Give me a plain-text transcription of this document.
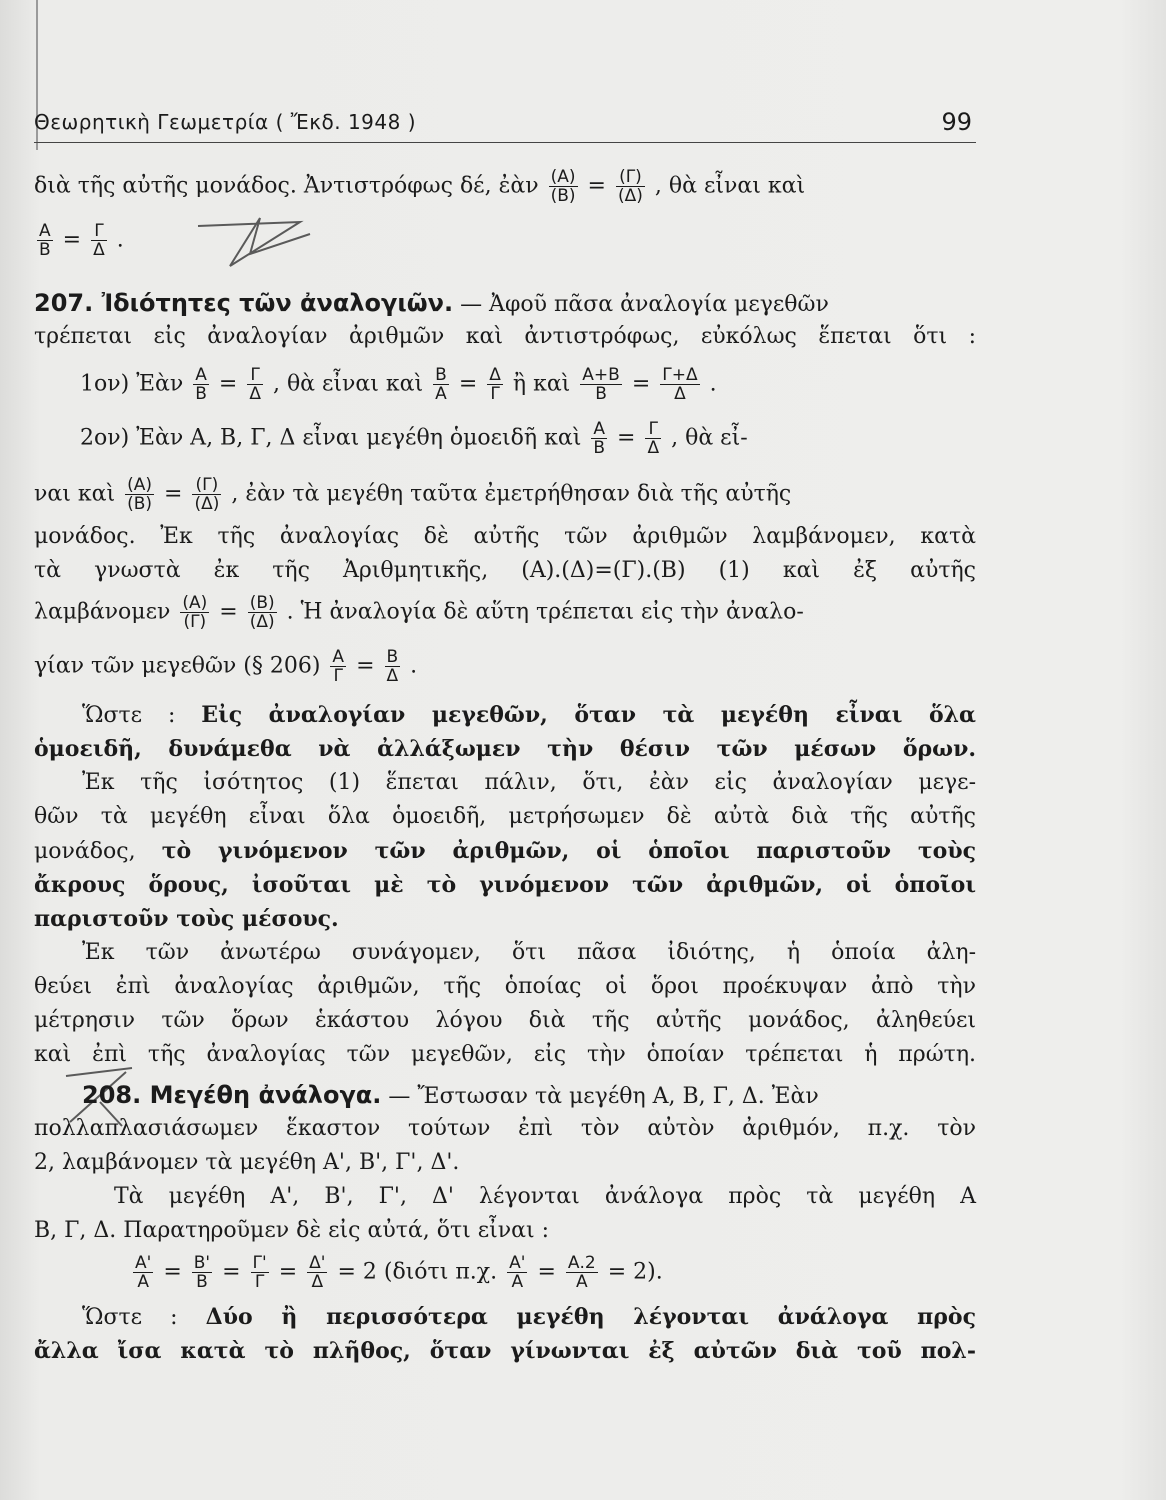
Θεωρητικὴ Γεωμετρία ( Ἔκδ. 1948 )	99
διὰ τῆς αὐτῆς μονάδος. Ἀντιστρόφως δέ, ἐὰν $\frac{(A)}{(B)} = \frac{(\Gamma)}{(\Delta)}$ , θὰ εἶναι καὶ
$\frac{A}{B} = \frac{\Gamma}{\Delta}$ .
207. Ἰδιότητες τῶν ἀναλογιῶν. — Ἀφοῦ πᾶσα ἀναλογία μεγεθῶν
τρέπεται εἰς ἀναλογίαν ἀριθμῶν καὶ ἀντιστρόφως, εὐκόλως ἕπεται ὅτι :
1ον) Ἐὰν $\frac{A}{B} = \frac{\Gamma}{\Delta}$ , θὰ εἶναι καὶ $\frac{B}{A} = \frac{\Delta}{\Gamma}$ ἢ καὶ $\frac{A+B}{B} = \frac{\Gamma+\Delta}{\Delta}$ .
2ον) Ἐὰν Α, Β, Γ, Δ εἶναι μεγέθη ὁμοειδῆ καὶ $\frac{A}{B} = \frac{\Gamma}{\Delta}$ , θὰ εἶ-
ναι καὶ $\frac{(A)}{(B)} = \frac{(\Gamma)}{(\Delta)}$ , ἐὰν τὰ μεγέθη ταῦτα ἐμετρήθησαν διὰ τῆς αὐτῆς
μονάδος. Ἐκ τῆς ἀναλογίας δὲ αὐτῆς τῶν ἀριθμῶν λαμβάνομεν, κατὰ
τὰ γνωστὰ ἐκ τῆς Ἀριθμητικῆς, (Α).(Δ)=(Γ).(Β) (1) καὶ ἐξ αὐτῆς
λαμβάνομεν $\frac{(A)}{(\Gamma)} = \frac{(B)}{(\Delta)}$ . Ἡ ἀναλογία δὲ αὕτη τρέπεται εἰς τὴν ἀναλο-
γίαν τῶν μεγεθῶν (§ $206) \frac{A}{\Gamma} = \frac{B}{\Delta}$ .
Ὥστε : Εἰς ἀναλογίαν μεγεθῶν, ὅταν τὰ μεγέθη εἶναι ὅλα
ὁμοειδῆ, δυνάμεθα νὰ ἀλλάξωμεν τὴν θέσιν τῶν μέσων ὅρων.
Ἐκ τῆς ἰσότητος (1) ἕπεται πάλιν, ὅτι, ἐὰν εἰς ἀναλογίαν μεγε-
θῶν τὰ μεγέθη εἶναι ὅλα ὁμοειδῆ, μετρήσωμεν δὲ αὐτὰ διὰ τῆς αὐτῆς
μονάδος, τὸ γινόμενον τῶν ἀριθμῶν, οἱ ὁποῖοι παριστοῦν τοὺς
ἄκρους ὅρους, ἰσοῦται μὲ τὸ γινόμενον τῶν ἀριθμῶν, οἱ ὁποῖοι
παριστοῦν τοὺς μέσους.
Ἐκ τῶν ἀνωτέρω συνάγομεν, ὅτι πᾶσα ἰδιότης, ἡ ὁποία ἀλη-
θεύει ἐπὶ ἀναλογίας ἀριθμῶν, τῆς ὁποίας οἱ ὅροι προέκυψαν ἀπὸ τὴν
μέτρησιν τῶν ὅρων ἑκάστου λόγου διὰ τῆς αὐτῆς μονάδος, ἀληθεύει
καὶ ἐπὶ τῆς ἀναλογίας τῶν μεγεθῶν, εἰς τὴν ὁποίαν τρέπεται ἡ πρώτη.
208. Μεγέθη ἀνάλογα. — Ἔστωσαν τὰ μεγέθη Α, Β, Γ, Δ. Ἐὰν
πολλαπλασιάσωμεν ἕκαστον τούτων ἐπὶ τὸν αὐτὸν ἀριθμόν, π.χ. τὸν
2, λαμβάνομεν τὰ μεγέθη Α', Β', Γ', Δ'.
Τὰ μεγέθη Α', Β', Γ', Δ' λέγονται ἀνάλογα πρὸς τὰ μεγέθη Α
Β, Γ, Δ. Παρατηροῦμεν δὲ εἰς αὐτά, ὅτι εἶναι :
$\frac{A'}{A} = \frac{B'}{B} = \frac{\Gamma'}{\Gamma} = \frac{\Delta'}{\Delta} = 2$ (διότι π.χ. $\frac{A'}{A} = \frac{A.2}{A} = 2$).
Ὥστε : Δύο ἢ περισσότερα μεγέθη λέγονται ἀνάλογα πρὸς
ἄλλα ἴσα κατὰ τὸ πλῆθος, ὅταν γίνωνται ἐξ αὐτῶν διὰ τοῦ πολ-
